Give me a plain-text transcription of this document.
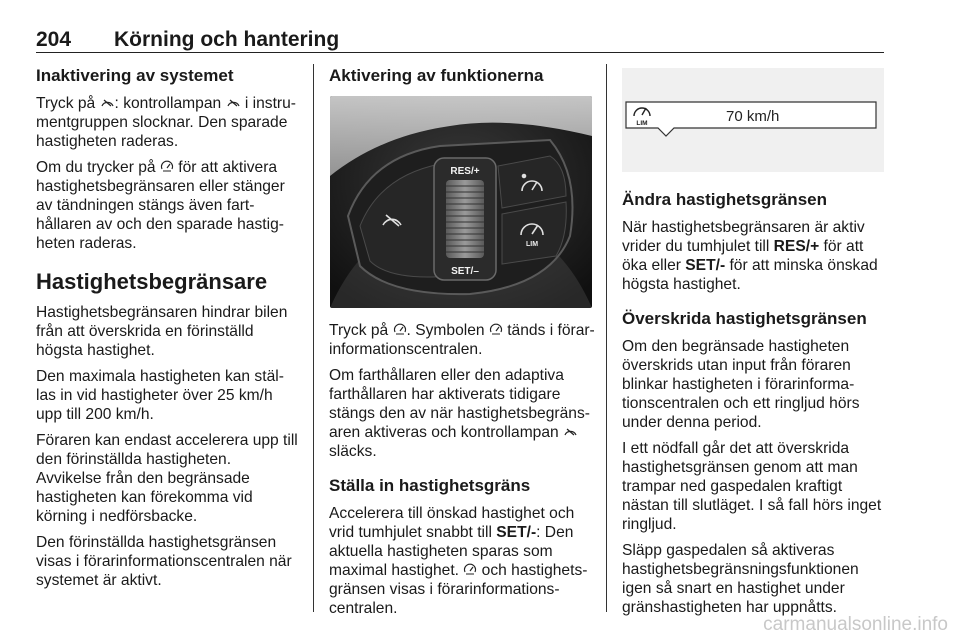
204 Körning och hantering
Inaktivering av systemet

Tryck på : kontrollampan  i instru-mentgruppen slocknar. Den sparade hastigheten raderas.

Om du trycker på  för att aktivera hastighetsbegränsaren eller stänger av tändningen stängs även fart-hållaren av och den sparade hastig-heten raderas.

Hastighetsbegränsare

Hastighetsbegränsaren hindrar bilen från att överskrida en förinställd högsta hastighet.

Den maximala hastigheten kan stäl-las in vid hastigheter över 25 km/h upp till 200 km/h.

Föraren kan endast accelerera upp till den förinställda hastigheten. Avvikelse från den begränsade hastigheten kan förekomma vid körning i nedförsbacke.

Den förinställda hastighetsgränsen visas i förarinformationscentralen när systemet är aktivt.

Aktivering av funktionerna
RES/+
SET/–
LIM

Tryck på . Symbolen  tänds i förar-informationscentralen.

Om farthållaren eller den adaptiva farthållaren har aktiverats tidigare stängs den av när hastighetsbegräns-aren aktiveras och kontrollampan  släcks.

Ställa in hastighetsgräns

Accelerera till önskad hastighet och vrid tumhjulet snabbt till SET/-: Den aktuella hastigheten sparas som maximal hastighet.  och hastighets-gränsen visas i förarinformations-centralen.

LIM	70 km/h
Ändra hastighetsgränsen

När hastighetsbegränsaren är aktiv vrider du tumhjulet till RES/+ för att öka eller SET/- för att minska önskad högsta hastighet.

Överskrida hastighetsgränsen

Om den begränsade hastigheten överskrids utan input från föraren blinkar hastigheten i förarinforma-tionscentralen och ett ringljud hörs under denna period.

I ett nödfall går det att överskrida hastighetsgränsen genom att man trampar ned gaspedalen kraftigt nästan till slutläget. I så fall hörs inget ringljud.

Släpp gaspedalen så aktiveras hastighetsbegränsningsfunktionen igen så snart en hastighet under gränshastigheten har uppnåtts.

carmanualsonline.info
